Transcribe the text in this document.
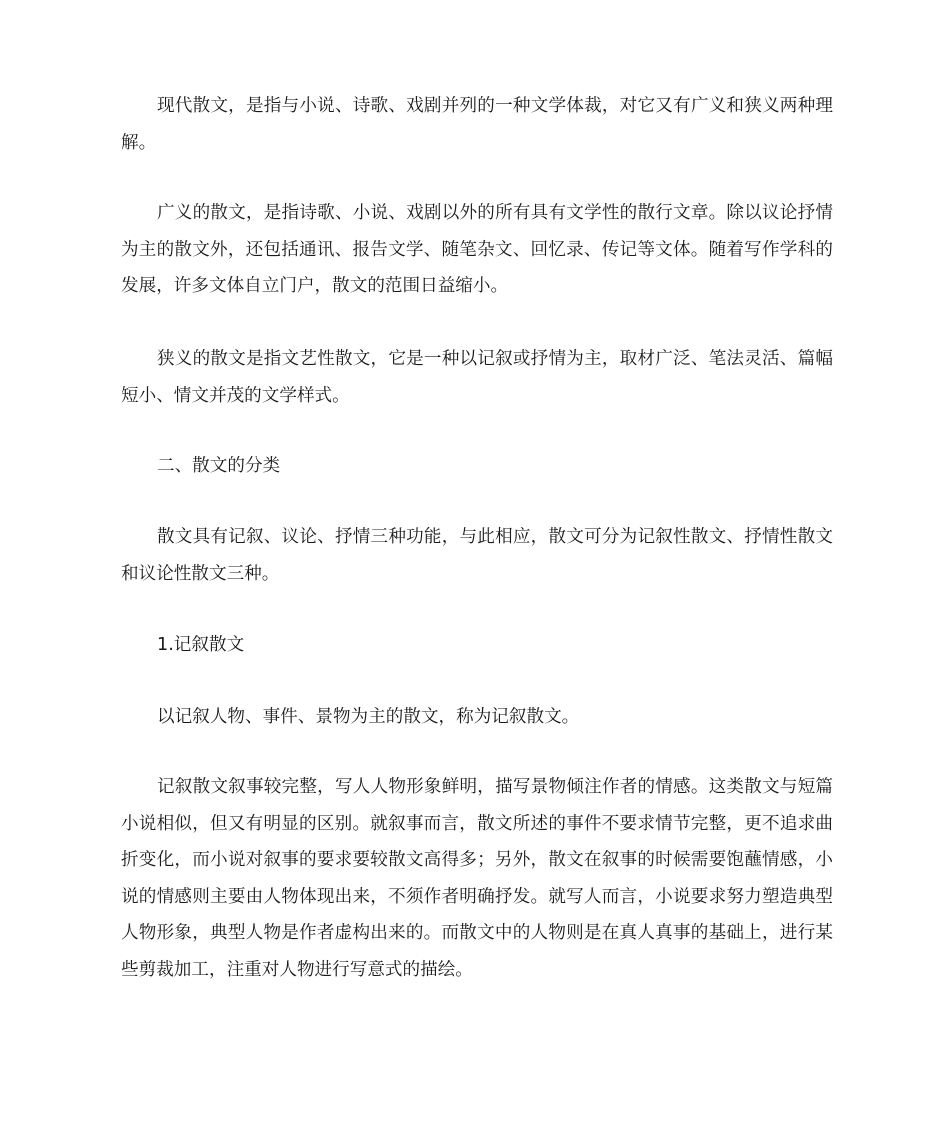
现代散文，是指与小说、诗歌、戏剧并列的一种文学体裁，对它又有广义和狭义两种理解。

广义的散文，是指诗歌、小说、戏剧以外的所有具有文学性的散行文章。除以议论抒情为主的散文外，还包括通讯、报告文学、随笔杂文、回忆录、传记等文体。随着写作学科的发展，许多文体自立门户，散文的范围日益缩小。

狭义的散文是指文艺性散文，它是一种以记叙或抒情为主，取材广泛、笔法灵活、篇幅短小、情文并茂的文学样式。

二、散文的分类

散文具有记叙、议论、抒情三种功能，与此相应，散文可分为记叙性散文、抒情性散文和议论性散文三种。

1.记叙散文

以记叙人物、事件、景物为主的散文，称为记叙散文。

记叙散文叙事较完整，写人人物形象鲜明，描写景物倾注作者的情感。这类散文与短篇小说相似，但又有明显的区别。就叙事而言，散文所述的事件不要求情节完整，更不追求曲折变化，而小说对叙事的要求要较散文高得多；另外，散文在叙事的时候需要饱蘸情感，小说的情感则主要由人物体现出来，不须作者明确抒发。就写人而言，小说要求努力塑造典型人物形象，典型人物是作者虚构出来的。而散文中的人物则是在真人真事的基础上，进行某些剪裁加工，注重对人物进行写意式的描绘。
